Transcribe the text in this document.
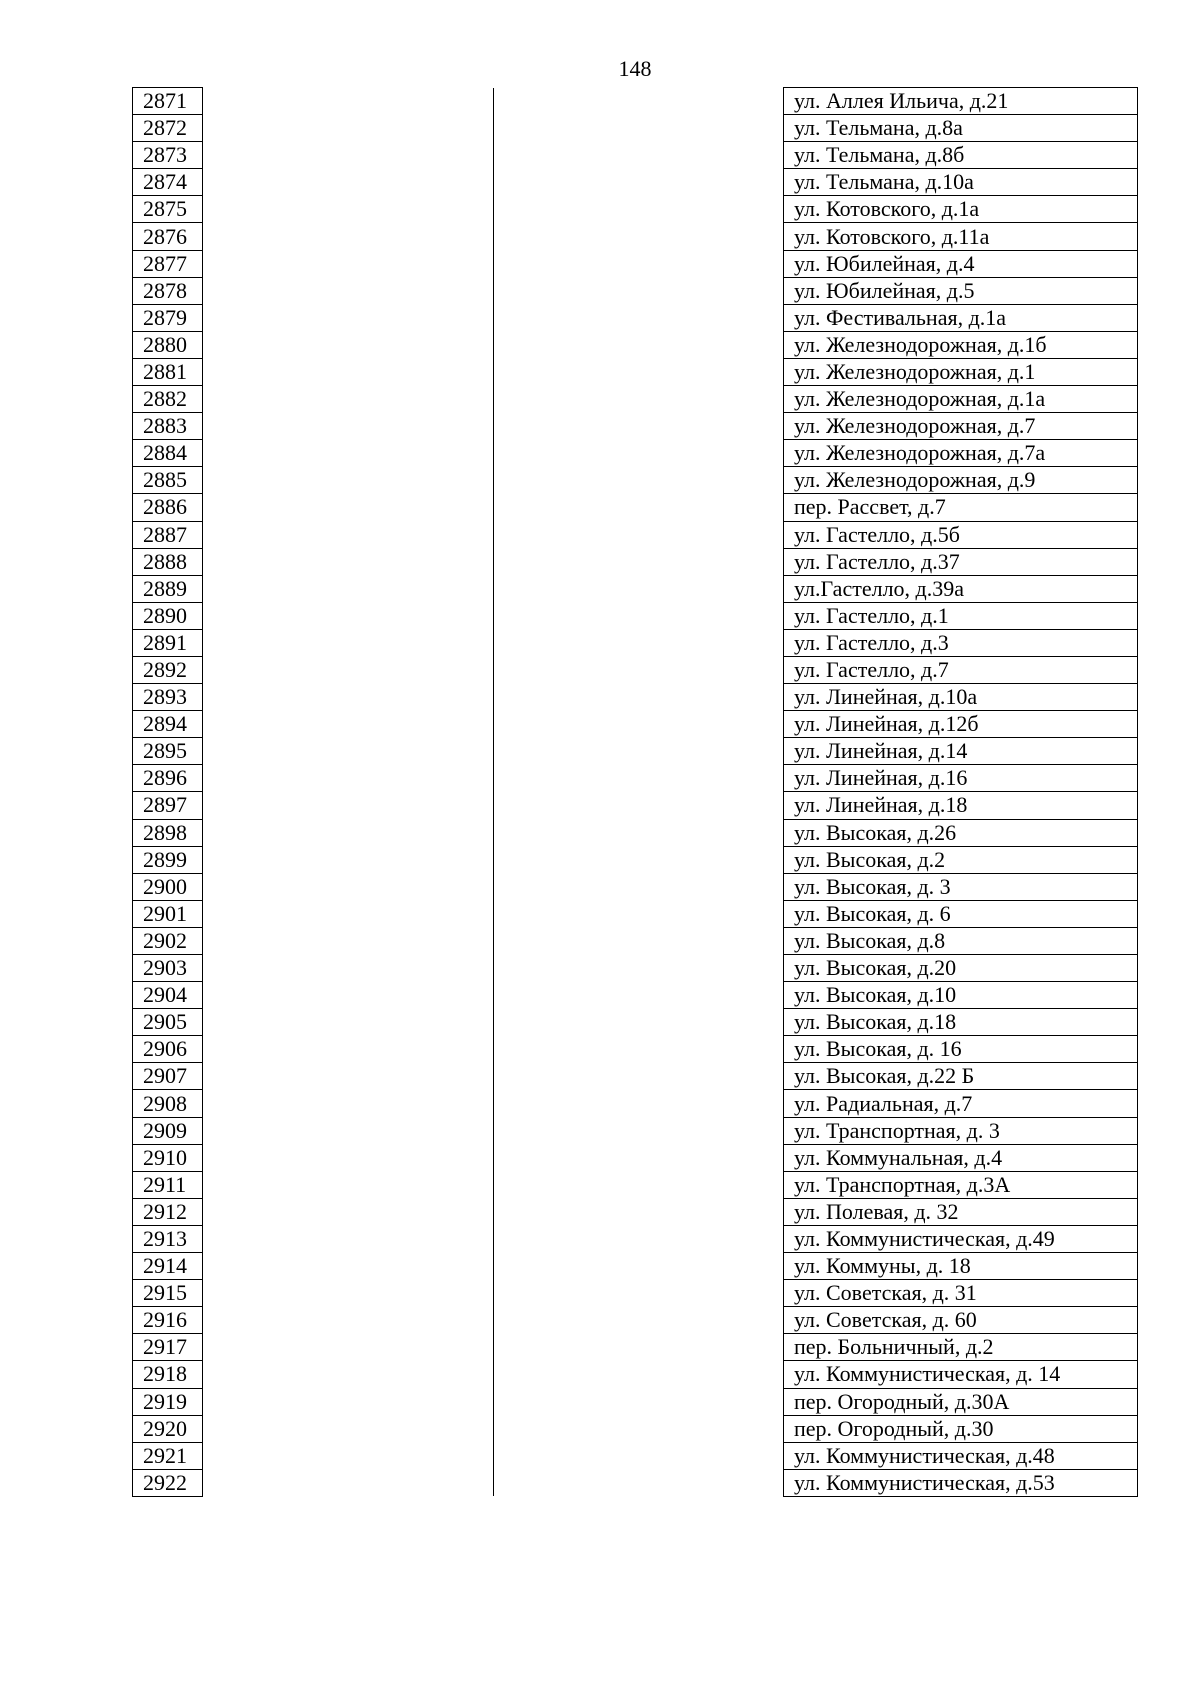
148
2871			ул. Аллея Ильича, д.21
2872			ул. Тельмана, д.8а
2873			ул. Тельмана, д.8б
2874			ул. Тельмана, д.10а
2875			ул. Котовского, д.1а
2876			ул. Котовского, д.11а
2877			ул. Юбилейная, д.4
2878			ул. Юбилейная, д.5
2879			ул. Фестивальная, д.1а
2880			ул. Железнодорожная, д.1б
2881			ул. Железнодорожная, д.1
2882			ул. Железнодорожная, д.1а
2883			ул. Железнодорожная, д.7
2884			ул. Железнодорожная, д.7а
2885			ул. Железнодорожная, д.9
2886			пер. Рассвет, д.7
2887			ул. Гастелло, д.5б
2888			ул. Гастелло, д.37
2889			ул.Гастелло, д.39а
2890			ул. Гастелло, д.1
2891			ул. Гастелло, д.3
2892			ул. Гастелло, д.7
2893			ул. Линейная, д.10а
2894			ул. Линейная, д.12б
2895			ул. Линейная, д.14
2896			ул. Линейная, д.16
2897			ул. Линейная, д.18
2898			ул. Высокая, д.26
2899			ул. Высокая, д.2
2900			ул. Высокая, д. 3
2901			ул. Высокая, д. 6
2902			ул. Высокая, д.8
2903			ул. Высокая, д.20
2904			ул. Высокая, д.10
2905			ул. Высокая, д.18
2906			ул. Высокая, д. 16
2907			ул. Высокая, д.22 Б
2908			ул. Радиальная, д.7
2909			ул. Транспортная, д. 3
2910			ул. Коммунальная, д.4
2911			ул. Транспортная, д.3А
2912			ул. Полевая, д. 32
2913			ул. Коммунистическая, д.49
2914			ул. Коммуны, д. 18
2915			ул. Советская, д. 31
2916			ул. Советская, д. 60
2917			пер. Больничный, д.2
2918			ул. Коммунистическая, д. 14
2919			пер. Огородный, д.30А
2920			пер. Огородный, д.30
2921			ул. Коммунистическая, д.48
2922			ул. Коммунистическая, д.53
